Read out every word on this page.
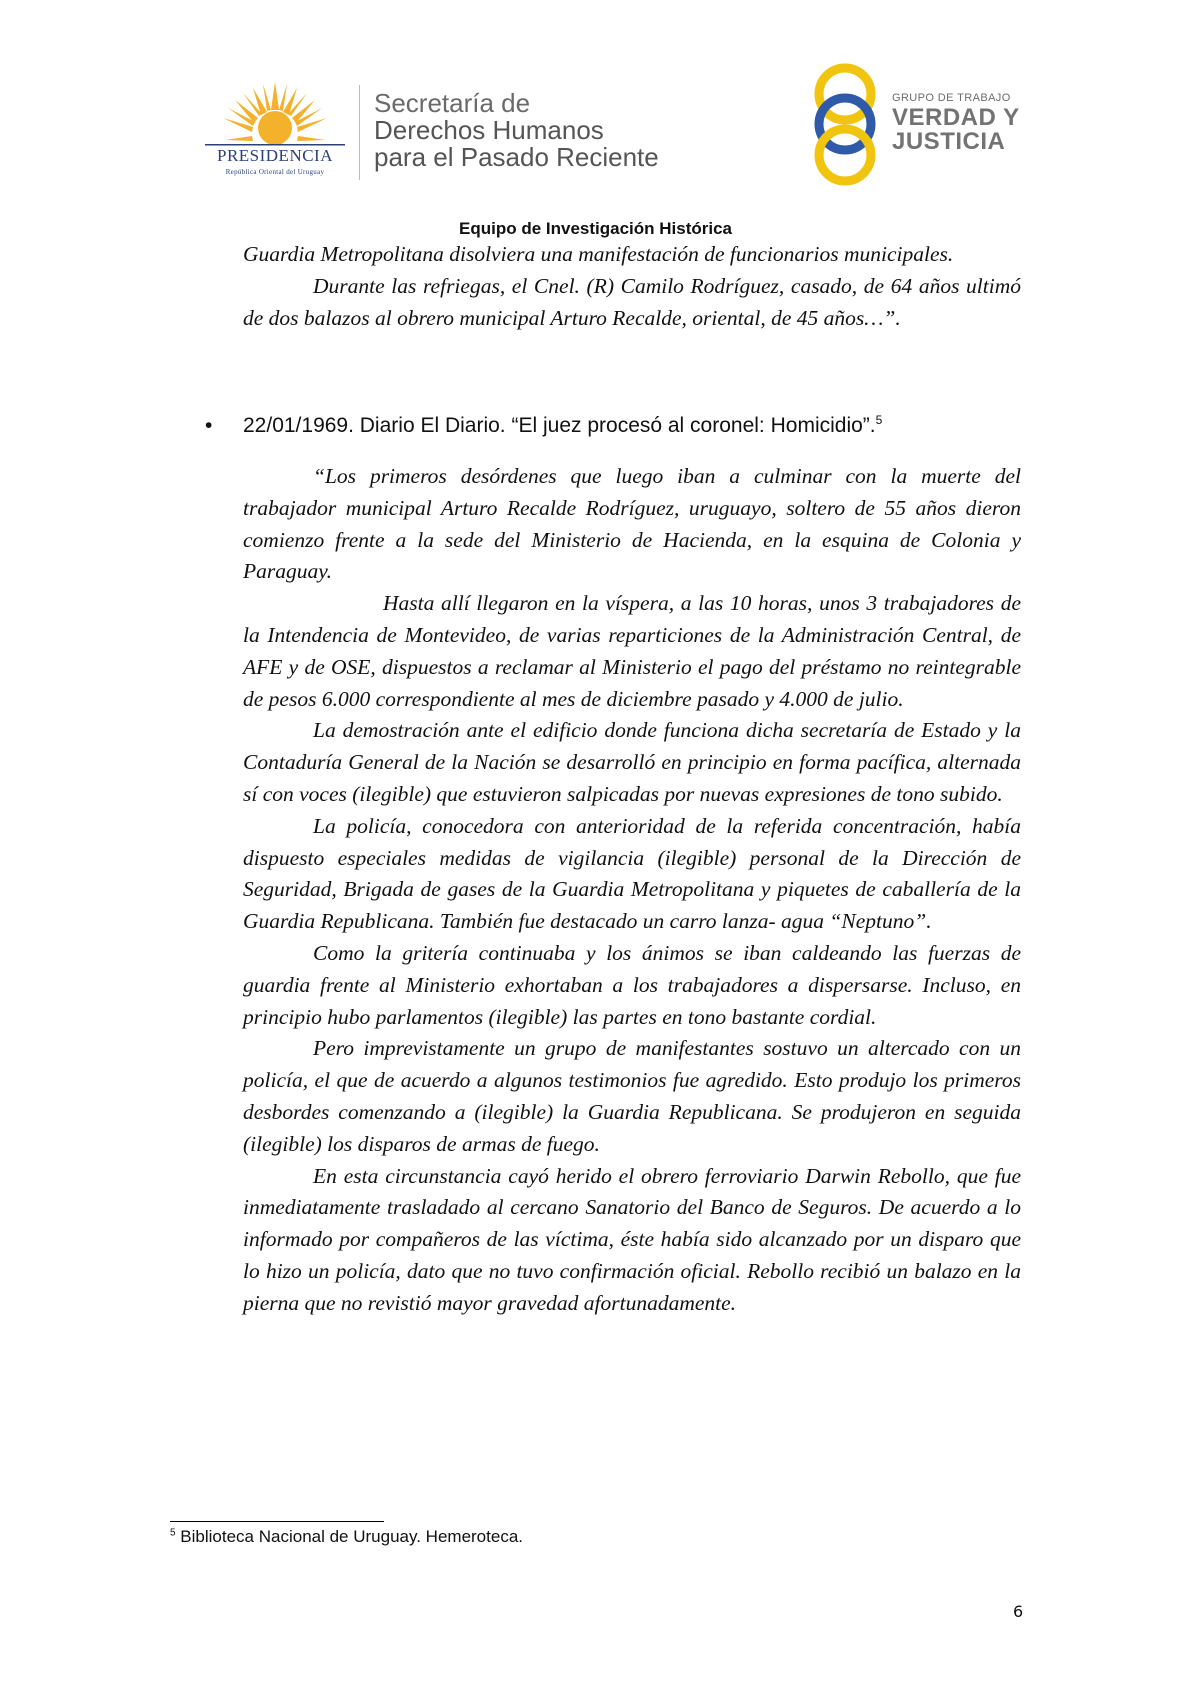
PRESIDENCIA
República Oriental del Uruguay
Secretaría de
Derechos Humanos
para el Pasado Reciente
GRUPO DE TRABAJO
VERDAD Y
JUSTICIA
Equipo de Investigación Histórica

Guardia Metropolitana disolviera una manifestación de funcionarios municipales.

Durante las refriegas, el Cnel. (R) Camilo Rodríguez, casado, de 64 años ultimó de dos balazos al obrero municipal Arturo Recalde, oriental, de 45 años…”.

• 22/01/1969. Diario El Diario. “El juez procesó al coronel: Homicidio”.$^5$

“Los primeros desórdenes que luego iban a culminar con la muerte del trabajador municipal Arturo Recalde Rodríguez, uruguayo, soltero de 55 años dieron comienzo frente a la sede del Ministerio de Hacienda, en la esquina de Colonia y Paraguay.

Hasta allí llegaron en la víspera, a las 10 horas, unos 3 trabajadores de la Intendencia de Montevideo, de varias reparticiones de la Administración Central, de AFE y de OSE, dispuestos a reclamar al Ministerio el pago del préstamo no reintegrable de pesos 6.000 correspondiente al mes de diciembre pasado y 4.000 de julio.

La demostración ante el edificio donde funciona dicha secretaría de Estado y la Contaduría General de la Nación se desarrolló en principio en forma pacífica, alternada sí con voces (ilegible) que estuvieron salpicadas por nuevas expresiones de tono subido.

La policía, conocedora con anterioridad de la referida concentración, había dispuesto especiales medidas de vigilancia (ilegible) personal de la Dirección de Seguridad, Brigada de gases de la Guardia Metropolitana y piquetes de caballería de la Guardia Republicana. También fue destacado un carro lanza- agua “Neptuno”.

Como la gritería continuaba y los ánimos se iban caldeando las fuerzas de guardia frente al Ministerio exhortaban a los trabajadores a dispersarse. Incluso, en principio hubo parlamentos (ilegible) las partes en tono bastante cordial.

Pero imprevistamente un grupo de manifestantes sostuvo un altercado con un policía, el que de acuerdo a algunos testimonios fue agredido. Esto produjo los primeros desbordes comenzando a (ilegible) la Guardia Republicana. Se produjeron en seguida (ilegible) los disparos de armas de fuego.

En esta circunstancia cayó herido el obrero ferroviario Darwin Rebollo, que fue inmediatamente trasladado al cercano Sanatorio del Banco de Seguros. De acuerdo a lo informado por compañeros de las víctima, éste había sido alcanzado por un disparo que lo hizo un policía, dato que no tuvo confirmación oficial. Rebollo recibió un balazo en la pierna que no revistió mayor gravedad afortunadamente.

$^5$ Biblioteca Nacional de Uruguay. Hemeroteca.
6
